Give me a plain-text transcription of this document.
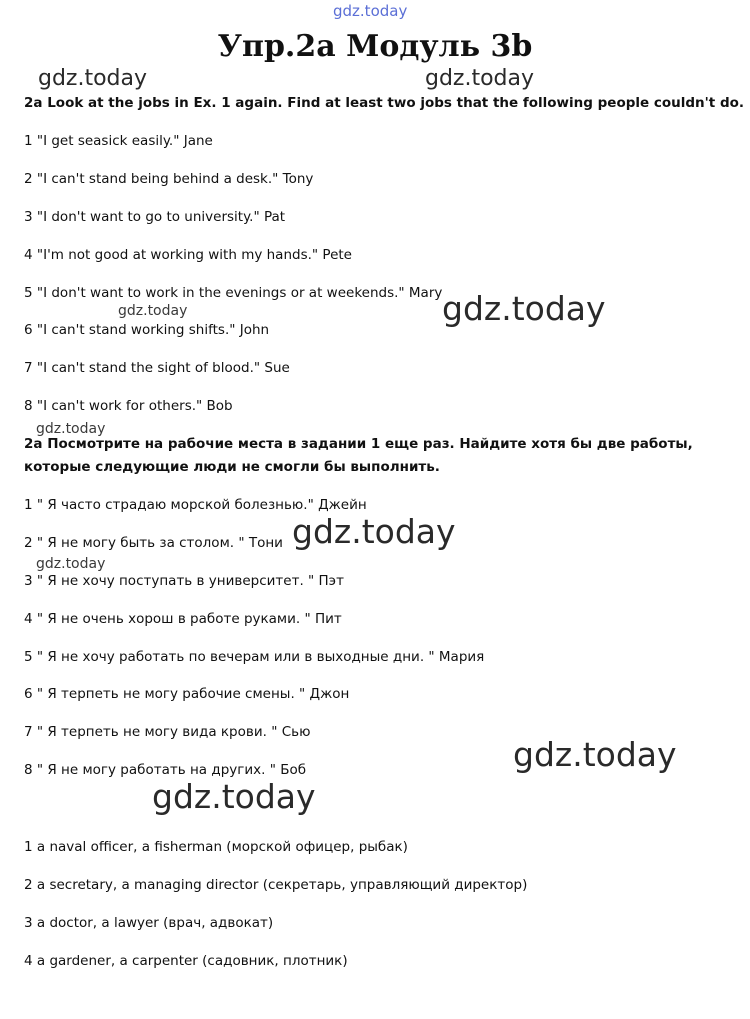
gdz.today
gdz.today	gdz.today
gdz.today
gdz.today
gdz.today
gdz.today
gdz.today
gdz.today
gdz.today
Упр.2а Модуль 3b
2a Look at the jobs in Ex. 1 again. Find at least two jobs that the following people couldn't do.
1 "I get seasick easily." Jane
2 "I can't stand being behind a desk." Tony
3 "I don't want to go to university." Pat
4 "I'm not good at working with my hands." Pete
5 "I don't want to work in the evenings or at weekends." Mary
6 "I can't stand working shifts." John
7 "I can't stand the sight of blood." Sue
8 "I can't work for others." Bob
2a Посмотрите на рабочие места в задании 1 еще раз. Найдите хотя бы две работы, которые следующие люди не смогли бы выполнить.
1 " Я часто страдаю морской болезнью." Джейн
2 " Я не могу быть за столом. " Тони
3 " Я не хочу поступать в университет. " Пэт
4 " Я не очень хорош в работе руками. " Пит
5 " Я не хочу работать по вечерам или в выходные дни. " Мария
6 " Я терпеть не могу рабочие смены. " Джон
7 " Я терпеть не могу вида крови. " Сью
8 " Я не могу работать на других. " Боб
1 a naval officer, a fisherman (морской офицер, рыбак)
2 a secretary, a managing director (секретарь, управляющий директор)
3 a doctor, a lawyer (врач, адвокат)
4 a gardener, a carpenter (садовник, плотник)
